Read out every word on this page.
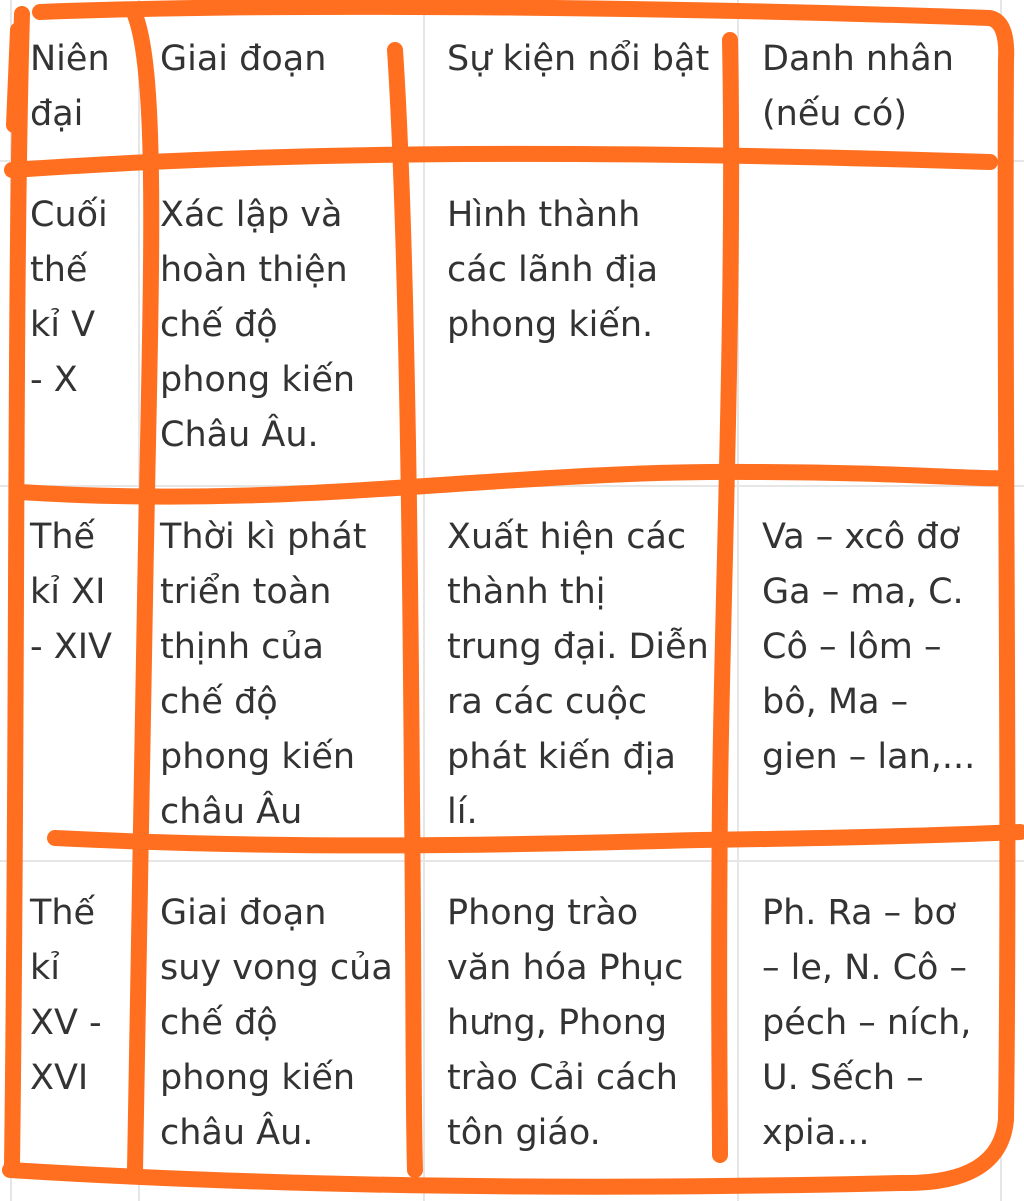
Niên
đại
Giai đoạn	Sự kiện nổi bật	Danh nhân
(nếu có)
Cuối
thế
kỉ V
- X
Xác lập và
hoàn thiện
chế độ
phong kiến
Châu Âu.
Hình thành
các lãnh địa
phong kiến.
Thế
kỉ XI
- XIV
Thời kì phát
triển toàn
thịnh của
chế độ
phong kiến
châu Âu
Xuất hiện các
thành thị
trung đại. Diễn
ra các cuộc
phát kiến địa
lí.
Va – xcô đơ
Ga – ma, C.
Cô – lôm –
bô, Ma –
gien – lan,...
Thế
kỉ
XV -
XVI
Giai đoạn
suy vong của
chế độ
phong kiến
châu Âu.
Phong trào
văn hóa Phục
hưng, Phong
trào Cải cách
tôn giáo.
Ph. Ra – bơ
– le, N. Cô –
péch – ních,
U. Sếch –
xpia...
